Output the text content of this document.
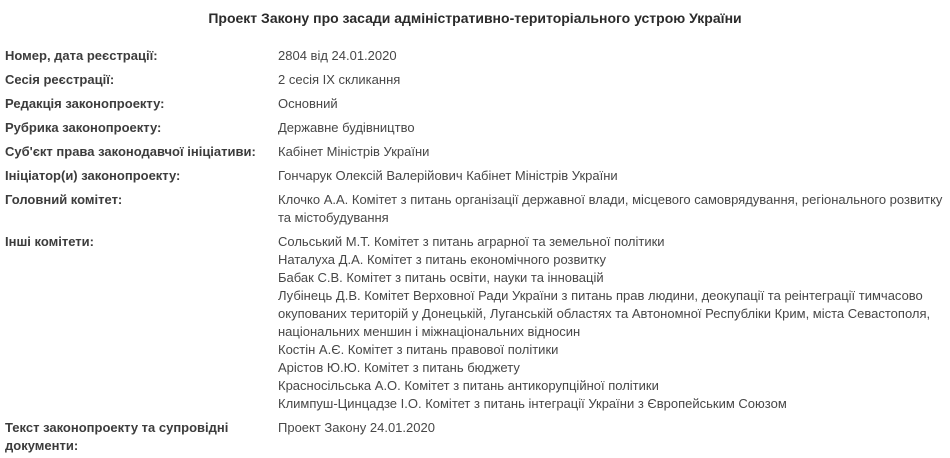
Проект Закону про засади адміністративно-територіального устрою України
Номер, дата реєстрації:	2804 від 24.01.2020
Сесія реєстрації:	2 сесія IX скликання
Редакція законопроекту:	Основний
Рубрика законопроекту:	Державне будівництво
Суб'єкт права законодавчої ініціативи:	Кабінет Міністрів України
Ініціатор(и) законопроекту:	Гончарук Олексій Валерійович Кабінет Міністрів України
Головний комітет:	Клочко А.А. Комітет з питань організації державної влади, місцевого самоврядування, регіонального розвитку та містобудування
Інші комітети:	Сольський М.Т. Комітет з питань аграрної та земельної політики
Наталуха Д.А. Комітет з питань економічного розвитку
Бабак С.В. Комітет з питань освіти, науки та інновацій
Лубінець Д.В. Комітет Верховної Ради України з питань прав людини, деокупації та реінтеграції тимчасово окупованих територій у Донецькій, Луганській областях та Автономної Республіки Крим, міста Севастополя, національних меншин і міжнаціональних відносин
Костін А.Є. Комітет з питань правової політики
Арістов Ю.Ю. Комітет з питань бюджету
Красносільська А.О. Комітет з питань антикорупційної політики
Климпуш-Цинцадзе І.О. Комітет з питань інтеграції України з Європейським Союзом
Текст законопроекту та супровідні документи:
Проект Закону 24.01.2020
